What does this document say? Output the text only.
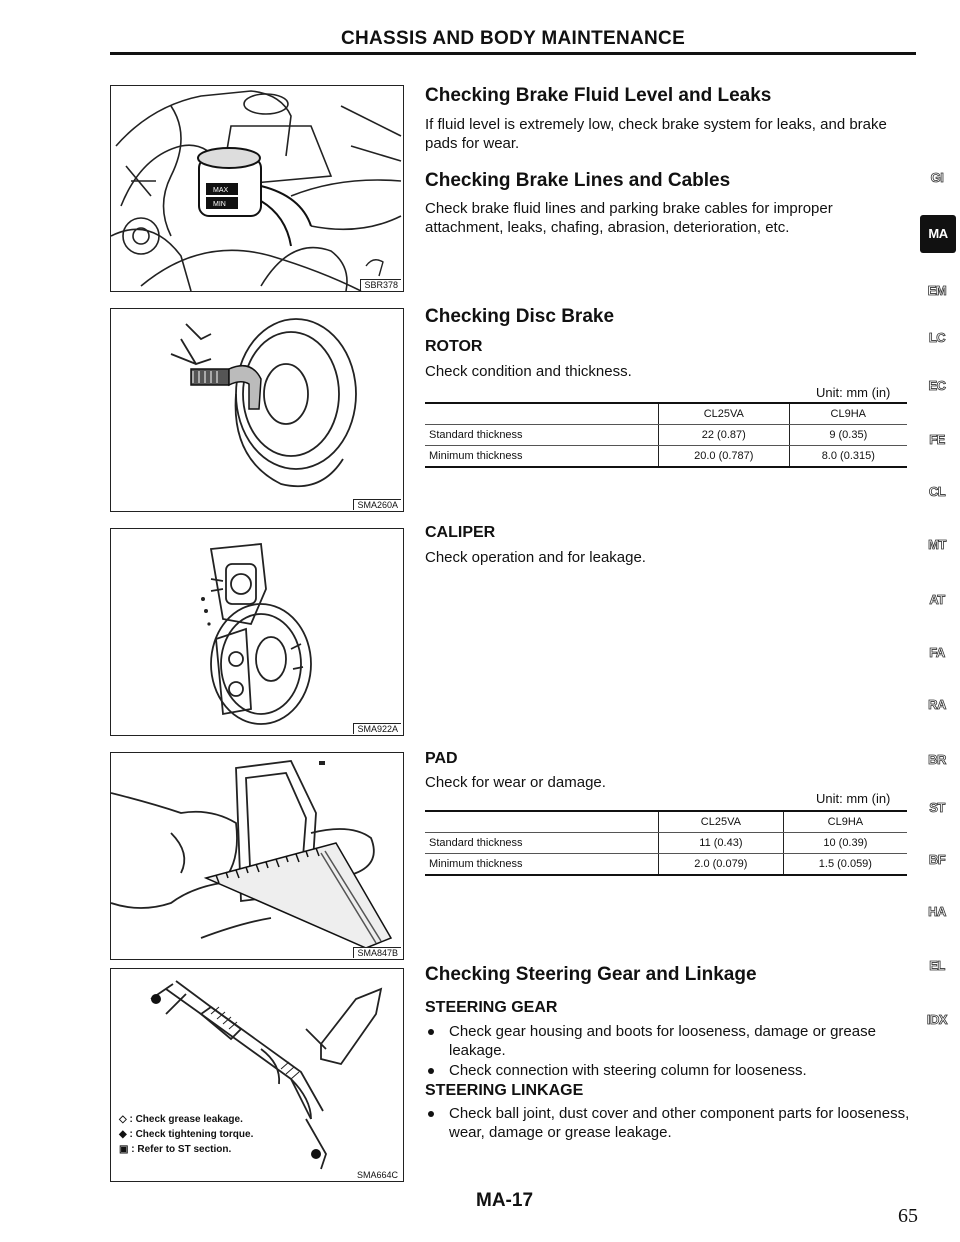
CHASSIS AND BODY MAINTENANCE
MAX
MIN
SBR378
SMA260A
SMA922A
SMA847B
◇ : Check grease leakage.
◆ : Check tightening torque.
▣ : Refer to ST section.
SMA664C
Checking Brake Fluid Level and Leaks
If fluid level is extremely low, check brake system for leaks, and brake pads for wear.
Checking Brake Lines and Cables
Check brake fluid lines and parking brake cables for improper attachment, leaks, chafing, abrasion, deterioration, etc.
Checking Disc Brake
ROTOR
Check condition and thickness.
Unit: mm (in)
	CL25VA	CL9HA
Standard thickness	22 (0.87)	9 (0.35)
Minimum thickness	20.0 (0.787)	8.0 (0.315)
CALIPER
Check operation and for leakage.
PAD
Check for wear or damage.
Unit: mm (in)
	CL25VA	CL9HA
Standard thickness	11 (0.43)	10 (0.39)
Minimum thickness	2.0 (0.079)	1.5 (0.059)
Checking Steering Gear and Linkage
STEERING GEAR
Check gear housing and boots for looseness, damage or grease leakage.
Check connection with steering column for looseness.
STEERING LINKAGE
Check ball joint, dust cover and other component parts for looseness, wear, damage or grease leakage.
GI
MA
EM
LC
EC
FE
CL
MT
AT
FA
RA
BR
ST
BF
HA
EL
IDX
MA-17
65
